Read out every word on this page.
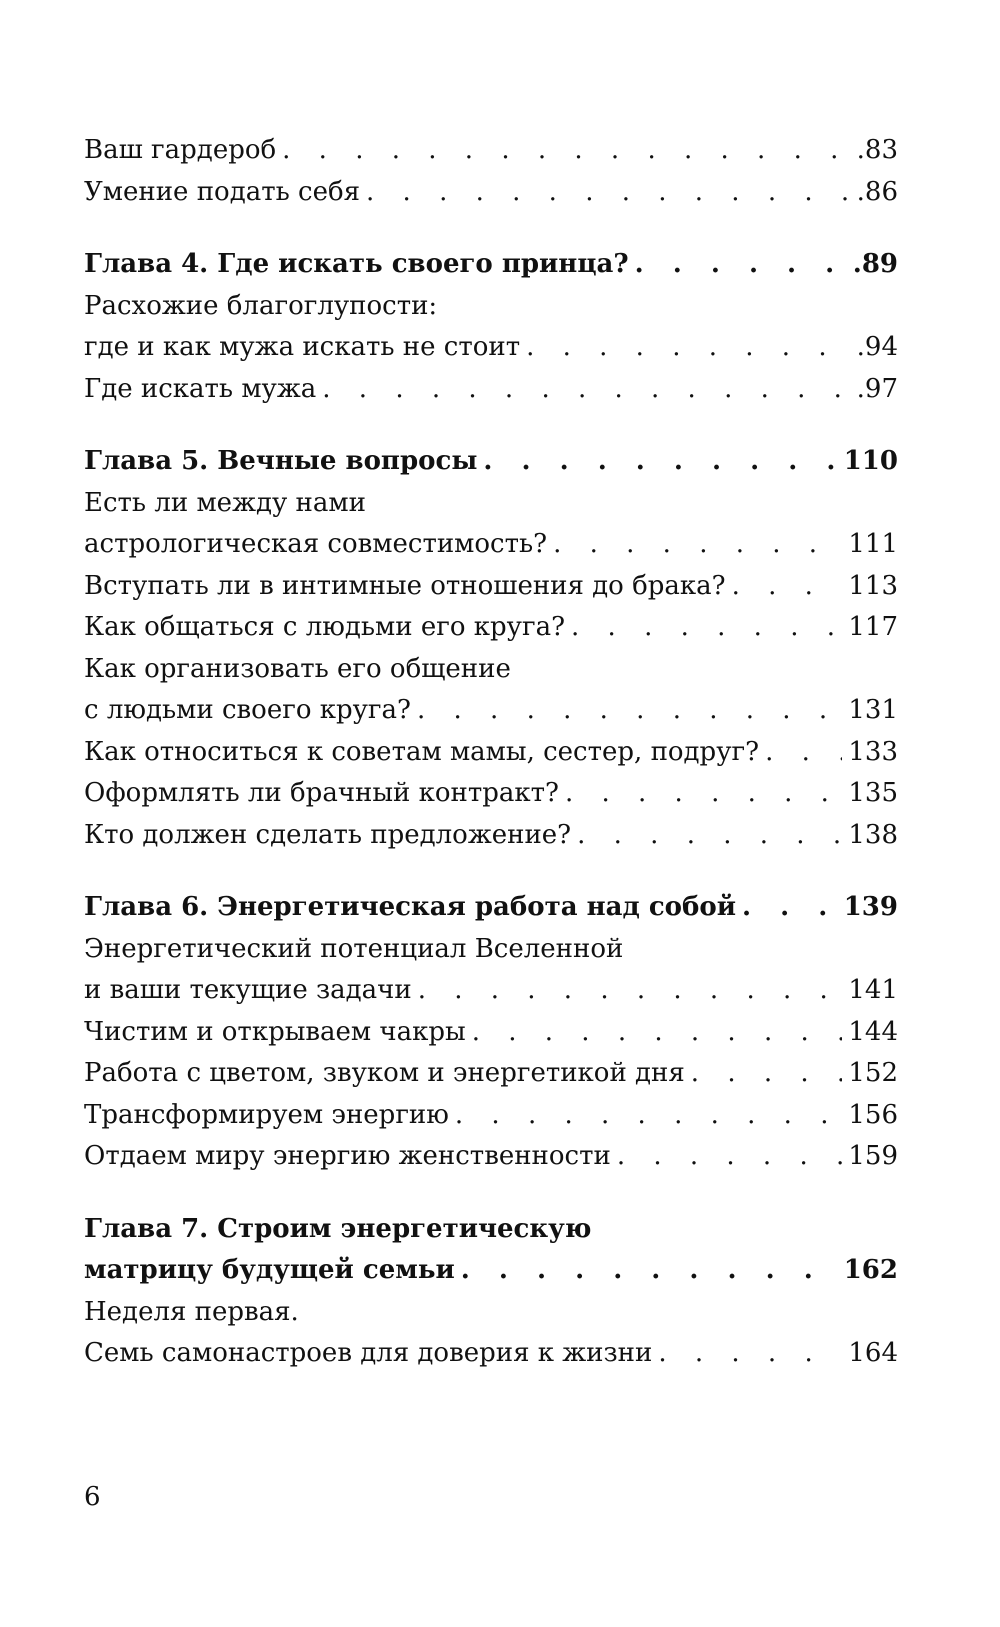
Ваш гардероб . . .	.83
Умение подать себя . . .	.86
Глава 4. Где искать своего принца? . . .	.89
Расхожие благоглупости:
где и как мужа искать не стоит . . .	.94
Где искать мужа . . .	.97
Глава 5. Вечные вопросы . . .	110
Есть ли между нами
астрологическая совместимость? . . .	111
Вступать ли в интимные отношения до брака? . . .	113
Как общаться с людьми его круга? . . .	117
Как организовать его общение
с людьми своего круга? . . .	131
Как относиться к советам мамы, сестер, подруг? . . .	133
Оформлять ли брачный контракт? . . .	135
Кто должен сделать предложение? . . .	138
Глава 6. Энергетическая работа над собой . . .	139
Энергетический потенциал Вселенной
и ваши текущие задачи . . .	141
Чистим и открываем чакры . . .	144
Работа с цветом, звуком и энергетикой дня . . .	152
Трансформируем энергию . . .	156
Отдаем миру энергию женственности . . .	159
Глава 7. Строим энергетическую
матрицу будущей семьи . . .	162
Неделя первая.
Семь самонастроев для доверия к жизни . . .	164
6
